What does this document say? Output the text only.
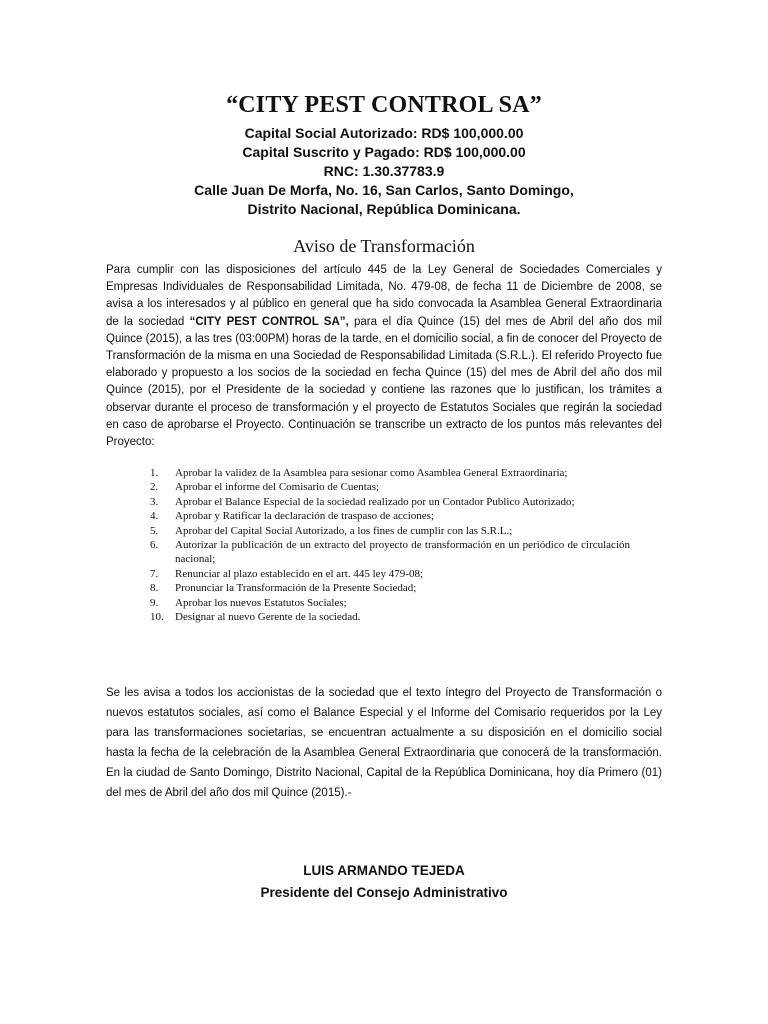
“CITY PEST CONTROL SA”
Capital Social Autorizado: RD$ 100,000.00
Capital Suscrito y Pagado: RD$ 100,000.00
RNC: 1.30.37783.9
Calle Juan De Morfa, No. 16, San Carlos, Santo Domingo,
Distrito Nacional, República Dominicana.
Aviso de Transformación
Para cumplir con las disposiciones del artículo 445 de la Ley General de Sociedades Comerciales y Empresas Individuales de Responsabilidad Limitada, No. 479-08, de fecha 11 de Diciembre de 2008, se avisa a los interesados y al público en general que ha sido convocada la Asamblea General Extraordinaria de la sociedad “CITY PEST CONTROL SA”, para el día Quince (15) del mes de Abril del año dos mil Quince (2015), a las tres (03:00PM) horas de la tarde, en el domicilio social, a fin de conocer del Proyecto de Transformación de la misma en una Sociedad de Responsabilidad Limitada (S.R.L.). El referido Proyecto fue elaborado y propuesto a los socios de la sociedad en fecha Quince (15) del mes de Abril del año dos mil Quince (2015), por el Presidente de la sociedad y contiene las razones que lo justifican, los trámites a observar durante el proceso de transformación y el proyecto de Estatutos Sociales que regirán la sociedad en caso de aprobarse el Proyecto. Continuación se transcribe un extracto de los puntos más relevantes del Proyecto:
1.	Aprobar la validez de la Asamblea para sesionar como Asamblea General Extraordinaria;
2.	Aprobar el informe del Comisario de Cuentas;
3.	Aprobar el Balance Especial de la sociedad realizado por un Contador Publico Autorizado;
4.	Aprobar y Ratificar la declaración de traspaso de acciones;
5.	Aprobar del Capital Social Autorizado, a los fines de cumplir con las S.R.L.;
6.	Autorizar la publicación de un extracto del proyecto de transformación en un periódico de circulación nacional;
7.	Renunciar al plazo establecido en el art. 445 ley 479-08;
8.	Pronunciar la Transformación de la Presente Sociedad;
9.	Aprobar los nuevos Estatutos Sociales;
10.	Designar al nuevo Gerente de la sociedad.
Se les avisa a todos los accionistas de la sociedad que el texto íntegro del Proyecto de Transformación o nuevos estatutos sociales, así como el Balance Especial y el Informe del Comisario requeridos por la Ley para las transformaciones societarias, se encuentran actualmente a su disposición en el domicilio social hasta la fecha de la celebración de la Asamblea General Extraordinaria que conocerá de la transformación. En la ciudad de Santo Domingo, Distrito Nacional, Capital de la República Dominicana, hoy día Primero (01) del mes de Abril del año dos mil Quince (2015).-
LUIS ARMANDO TEJEDA
Presidente del Consejo Administrativo
